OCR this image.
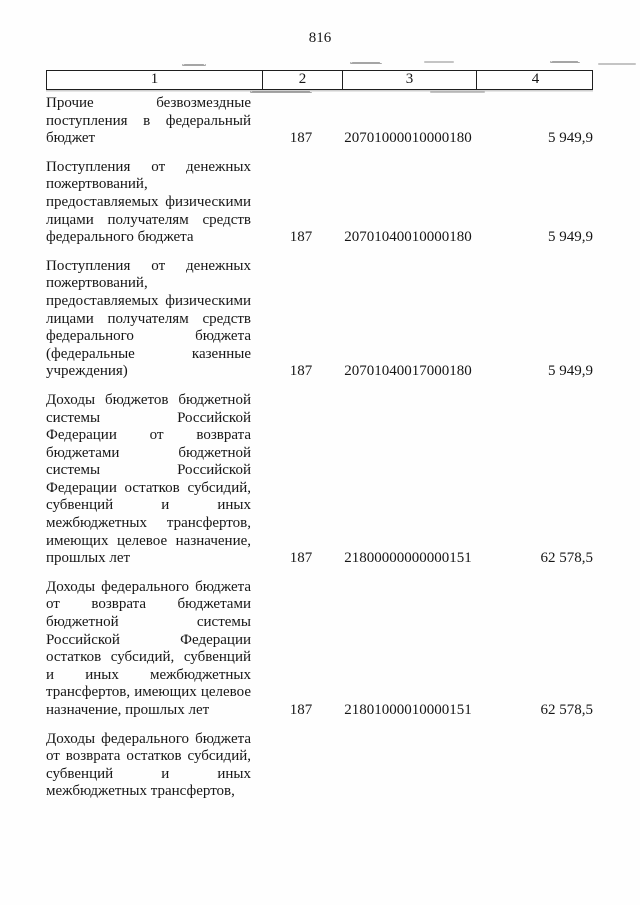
816
1	2	3	4
Прочие безвозмездные поступления в федеральный бюджет	187	20701000010000180	5 949,9
Поступления от денежных пожертвований, предоставляемых физическими лицами получателям средств федерального бюджета	187	20701040010000180	5 949,9
Поступления от денежных пожертвований, предоставляемых физическими лицами получателям средств федерального бюджета (федеральные казенные учреждения)	187	20701040017000180	5 949,9
Доходы бюджетов бюджетной системы Российской Федерации от возврата бюджетами бюджетной системы Российской Федерации остатков субсидий, субвенций и иных межбюджетных трансфертов, имеющих целевое назначение, прошлых лет	187	21800000000000151	62 578,5
Доходы федерального бюджета от возврата бюджетами бюджетной системы Российской Федерации остатков субсидий, субвенций и иных межбюджетных трансфертов, имеющих целевое назначение, прошлых лет	187	21801000010000151	62 578,5
Доходы федерального бюджета от возврата остатков субсидий, субвенций и иных межбюджетных трансфертов,
